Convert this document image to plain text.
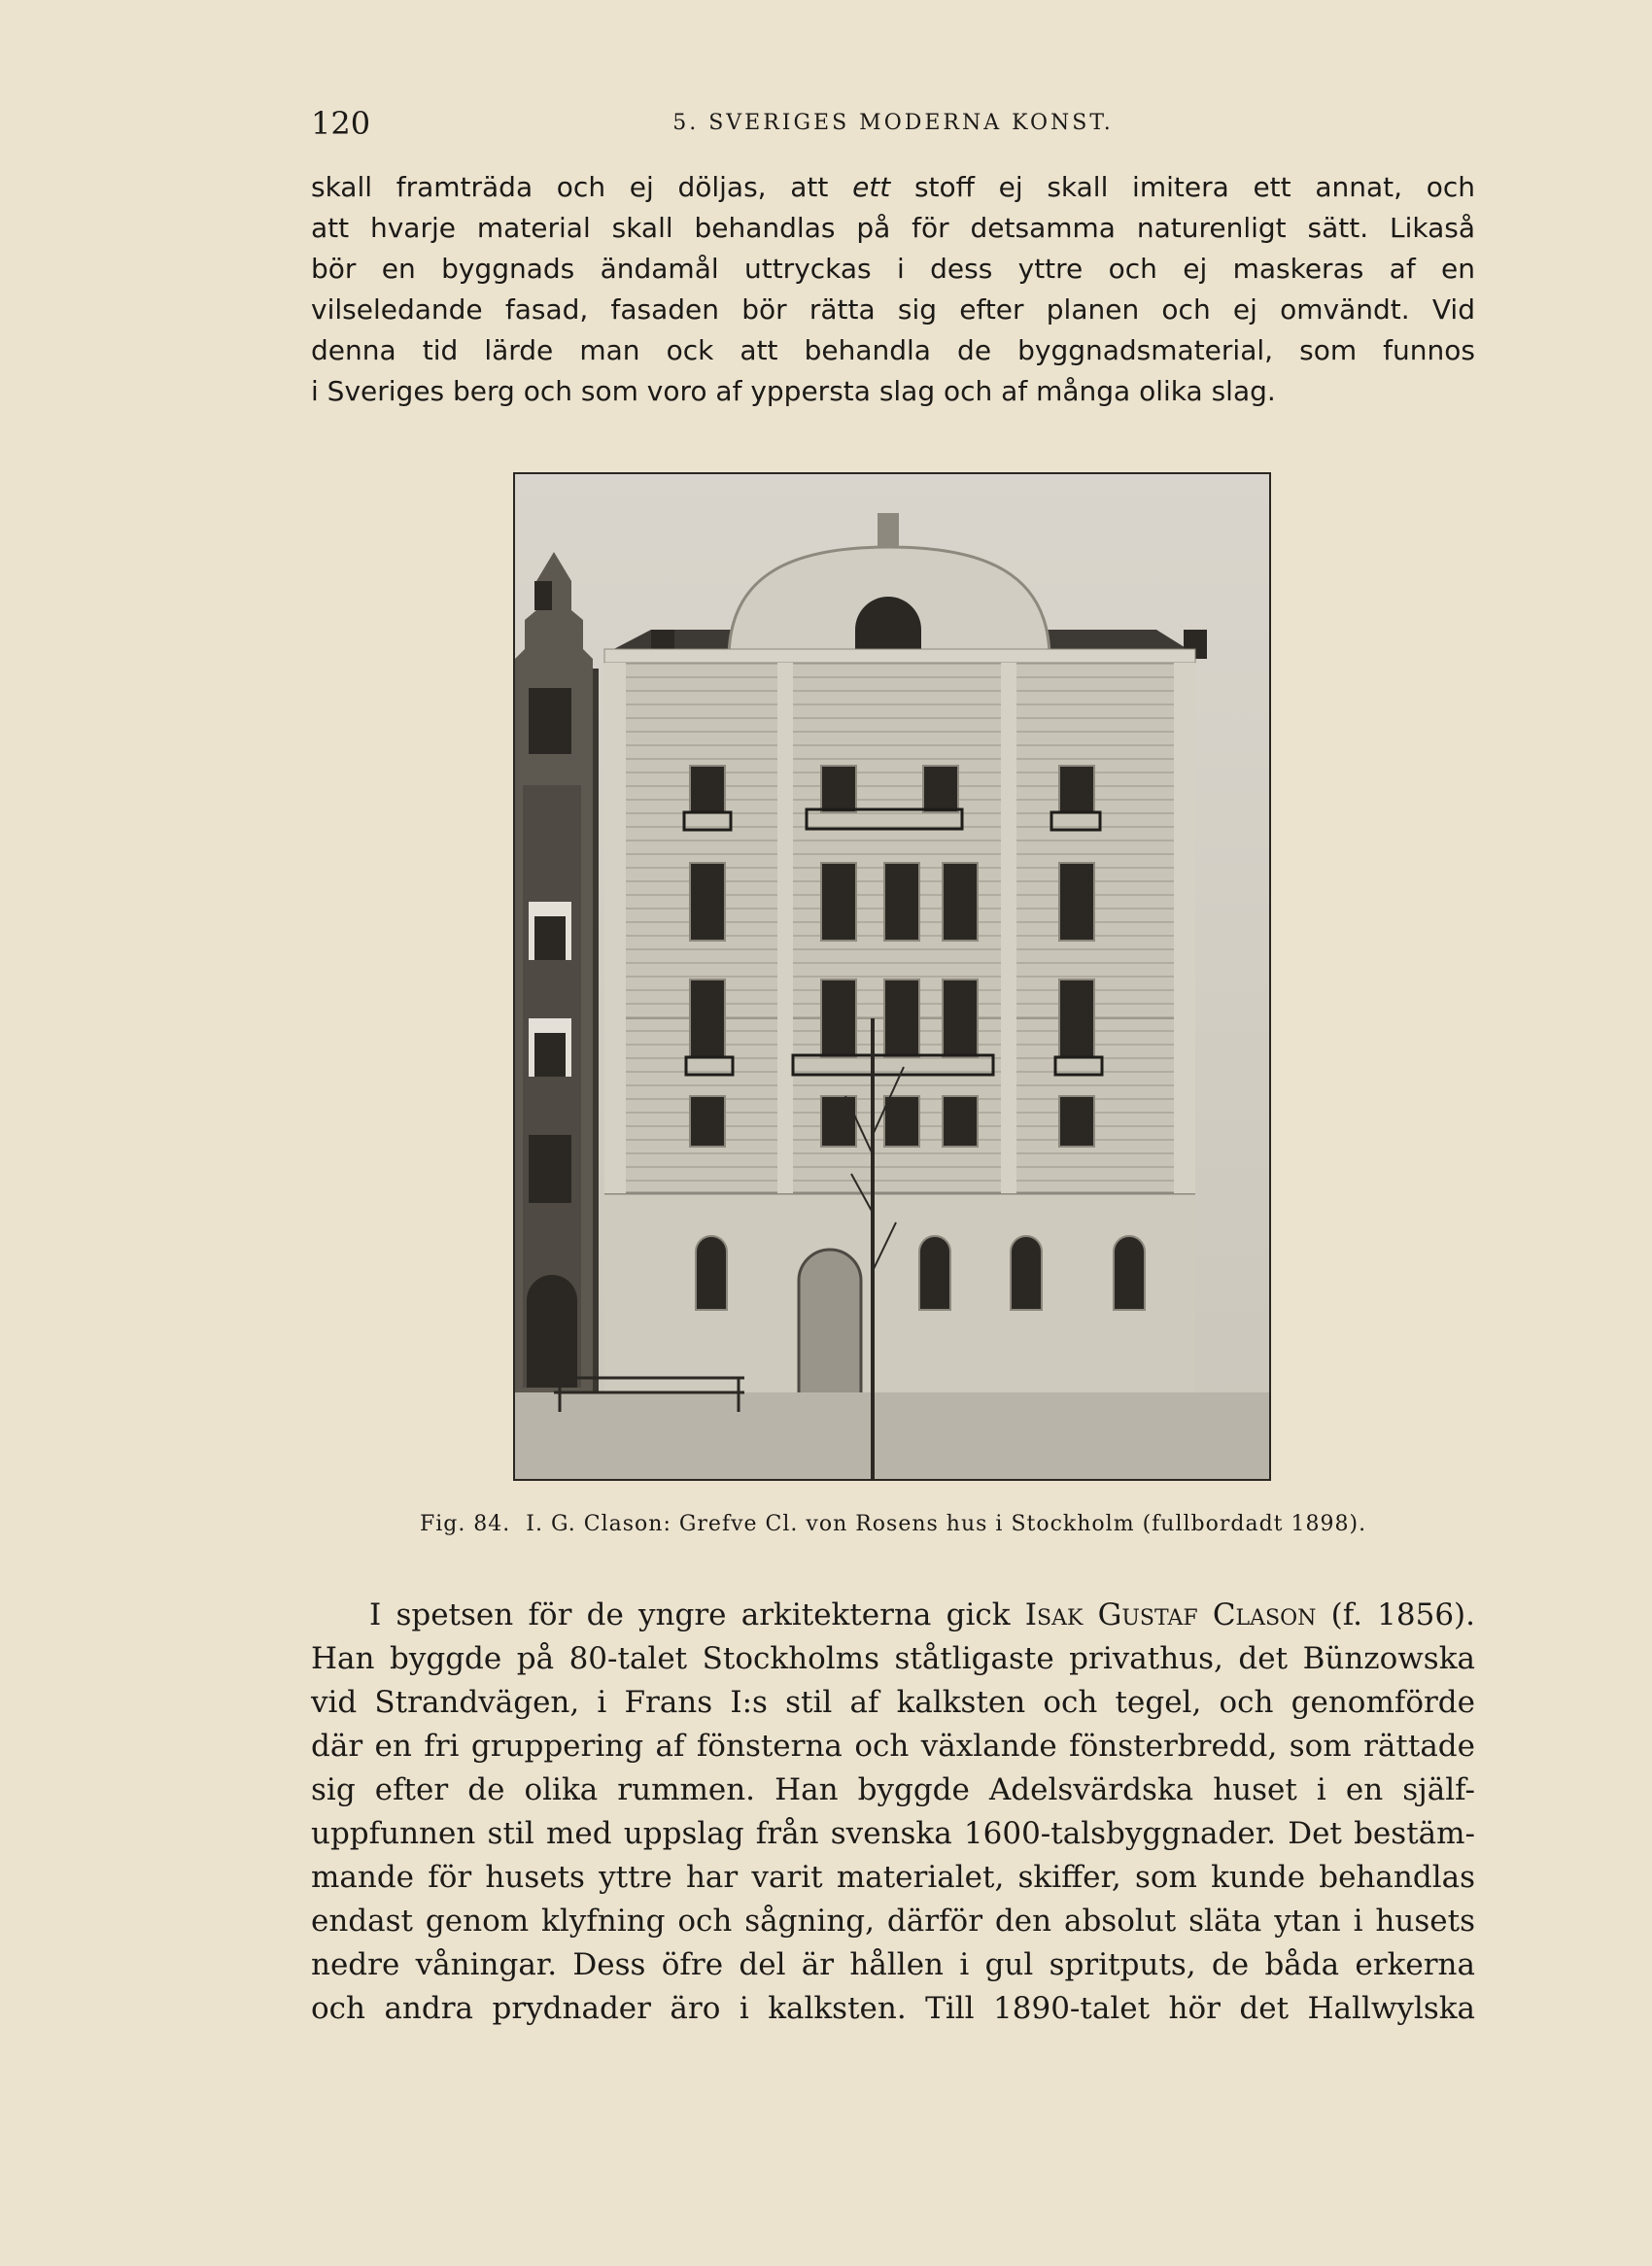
120	5. SVERIGES MODERNA KONST.
skall framträda och ej döljas, att ett stoff ej skall imitera ett annat, och
att hvarje material skall behandlas på för detsamma naturenligt sätt. Likaså
bör en byggnads ändamål uttryckas i dess yttre och ej maskeras af en
vilseledande fasad, fasaden bör rätta sig efter planen och ej omvändt. Vid
denna tid lärde man ock att behandla de byggnadsmaterial, som funnos
i Sveriges berg och som voro af yppersta slag och af många olika slag.
Fig. 84. I. G. Clason: Grefve Cl. von Rosens hus i Stockholm (fullbordadt 1898).
I spetsen för de yngre arkitekterna gick Isak Gustaf Clason (f. 1856).
Han byggde på 80-talet Stockholms ståtligaste privathus, det Bünzowska
vid Strandvägen, i Frans I:s stil af kalksten och tegel, och genomförde
där en fri gruppering af fönsterna och växlande fönsterbredd, som rättade
sig efter de olika rummen. Han byggde Adelsvärdska huset i en själf-
uppfunnen stil med uppslag från svenska 1600-talsbyggnader. Det bestäm-
mande för husets yttre har varit materialet, skiffer, som kunde behandlas
endast genom klyfning och sågning, därför den absolut släta ytan i husets
nedre våningar. Dess öfre del är hållen i gul spritputs, de båda erkerna
och andra prydnader äro i kalksten. Till 1890-talet hör det Hallwylska
